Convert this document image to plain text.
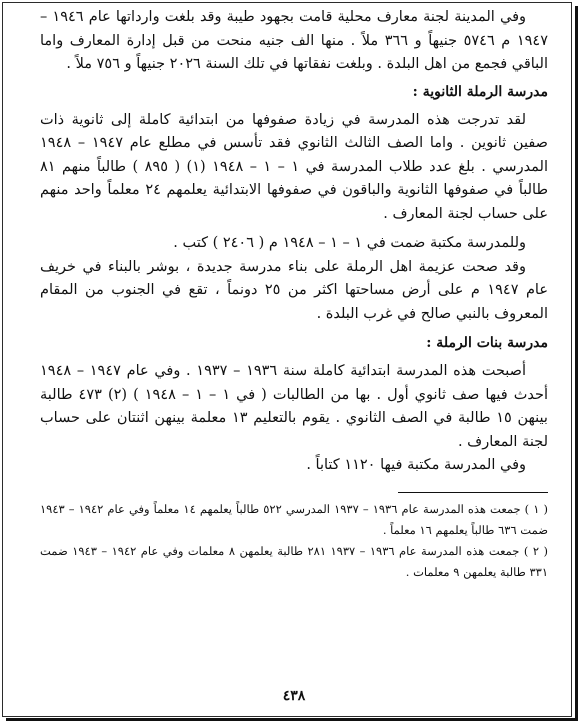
وفي المدينة لجنة معارف محلية قامت بجهود طيبة وقد بلغت وارداتها عام ١٩٤٦ – ١٩٤٧ م ٥٧٤٦ جنيهاً و ٣٦٦ ملاً . منها الف جنيه منحت من قبل إدارة المعارف واما الباقي فجمع من اهل البلدة . وبلغت نفقاتها في تلك السنة ٢٠٢٦ جنيهاً و ٧٥٦ ملاً .

مدرسة الرملة الثانوية :

لقد تدرجت هذه المدرسة في زيادة صفوفها من ابتدائية كاملة إلى ثانوية ذات صفين ثانوين . واما الصف الثالث الثانوي فقد تأسس في مطلع عام ١٩٤٧ – ١٩٤٨ المدرسي . بلغ عدد طلاب المدرسة في ١ – ١ – ١٩٤٨ (١) ( ٨٩٥ ) طالباً منهم ٨١ طالباً في صفوفها الثانوية والباقون في صفوفها الابتدائية يعلمهم ٢٤ معلماً واحد منهم على حساب لجنة المعارف .

وللمدرسة مكتبة ضمت في ١ – ١ – ١٩٤٨ م ( ٢٤٠٦ ) كتب .

وقد صحت عزيمة اهل الرملة على بناء مدرسة جديدة ، بوشر بالبناء في خريف عام ١٩٤٧ م على أرض مساحتها اكثر من ٢٥ دونماً ، تقع في الجنوب من المقام المعروف بالنبي صالح في غرب البلدة .

مدرسة بنات الرملة :

أصبحت هذه المدرسة ابتدائية كاملة سنة ١٩٣٦ – ١٩٣٧ . وفي عام ١٩٤٧ – ١٩٤٨ أحدث فيها صف ثانوي أول . بها من الطالبات ( في ١ – ١ – ١٩٤٨ ) (٢) ٤٧٣ طالبة بينهن ١٥ طالبة في الصف الثانوي . يقوم بالتعليم ١٣ معلمة بينهن اثنتان على حساب لجنة المعارف .

وفي المدرسة مكتبة فيها ١١٢٠ كتاباً .

( ١ ) جمعت هذه المدرسة عام ١٩٣٦ – ١٩٣٧ المدرسي ٥٢٢ طالباً يعلمهم ١٤ معلماً وفي عام ١٩٤٢ – ١٩٤٣ ضمت ٦٣٦ طالباً يعلمهم ١٦ معلماً .

( ٢ ) جمعت هذه المدرسة عام ١٩٣٦ – ١٩٣٧ ٢٨١ طالبة يعلمهن ٨ معلمات وفي عام ١٩٤٢ – ١٩٤٣ ضمت ٣٣١ طالبة يعلمهن ٩ معلمات .

٤٣٨
